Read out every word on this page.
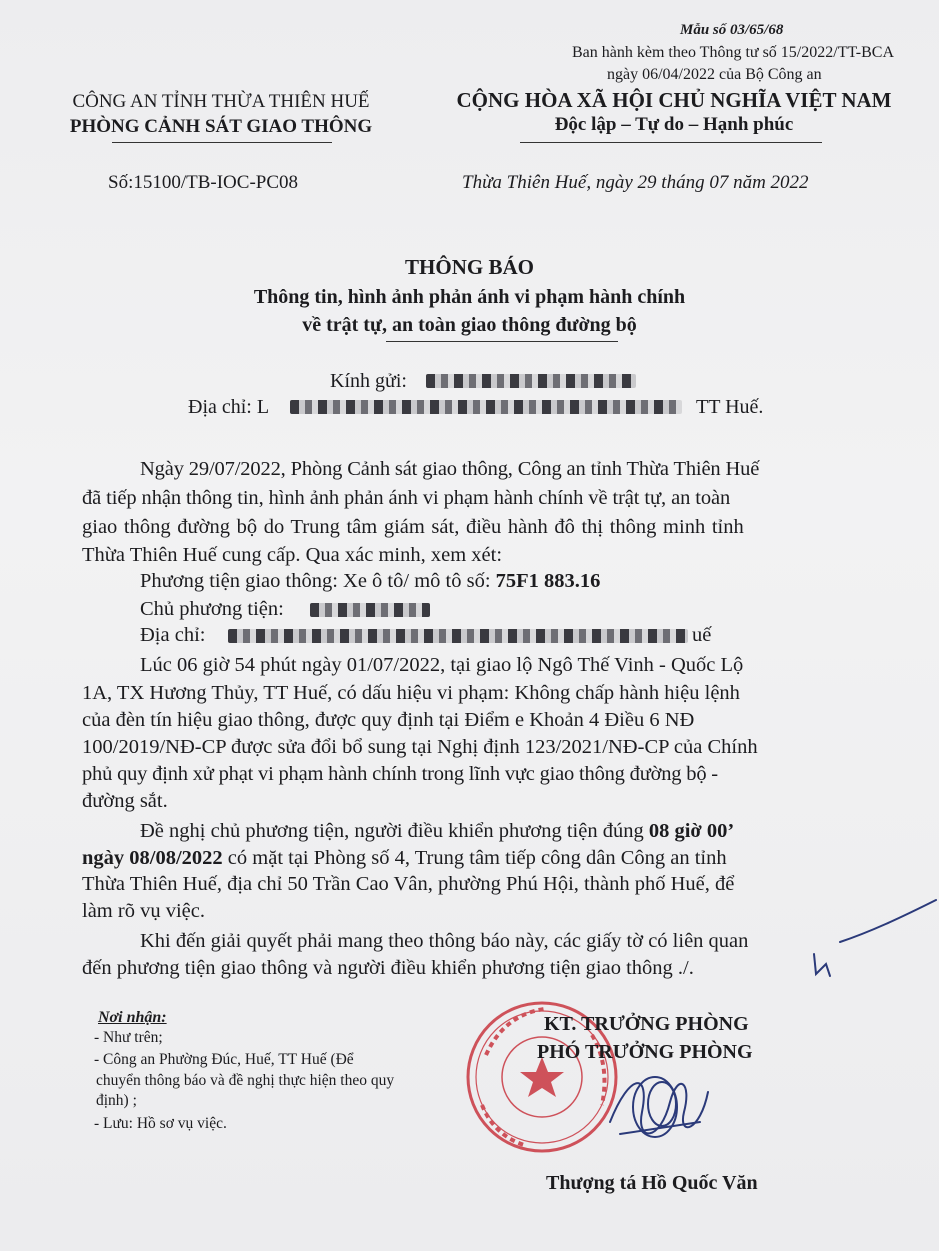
Mẫu số 03/65/68
Ban hành kèm theo Thông tư số 15/2022/TT-BCA
ngày 06/04/2022 của Bộ Công an
CÔNG AN TỈNH THỪA THIÊN HUẾ
PHÒNG CẢNH SÁT GIAO THÔNG
CỘNG HÒA XÃ HỘI CHỦ NGHĨA VIỆT NAM
Độc lập – Tự do – Hạnh phúc
Số:15100/TB-IOC-PC08	Thừa Thiên Huế, ngày 29 tháng 07 năm 2022
THÔNG BÁO
Thông tin, hình ảnh phản ánh vi phạm hành chính
về trật tự, an toàn giao thông đường bộ
Kính gửi:
Địa chỉ: L	TT Huế.
Ngày 29/07/2022, Phòng Cảnh sát giao thông, Công an tỉnh Thừa Thiên Huế
đã tiếp nhận thông tin, hình ảnh phản ánh vi phạm hành chính về trật tự, an toàn
giao thông đường bộ do Trung tâm giám sát, điều hành đô thị thông minh tỉnh
Thừa Thiên Huế cung cấp. Qua xác minh, xem xét:
Phương tiện giao thông: Xe ô tô/ mô tô số: 75F1 883.16
Chủ phương tiện:
Địa chỉ:	uế
Lúc 06 giờ 54 phút ngày 01/07/2022, tại giao lộ Ngô Thế Vinh - Quốc Lộ
1A, TX Hương Thủy, TT Huế, có dấu hiệu vi phạm: Không chấp hành hiệu lệnh
của đèn tín hiệu giao thông, được quy định tại Điểm e Khoản 4 Điều 6 NĐ
100/2019/NĐ-CP được sửa đổi bổ sung tại Nghị định 123/2021/NĐ-CP của Chính
phủ quy định xử phạt vi phạm hành chính trong lĩnh vực giao thông đường bộ -
đường sắt.
Đề nghị chủ phương tiện, người điều khiển phương tiện đúng 08 giờ 00’
ngày 08/08/2022 có mặt tại Phòng số 4, Trung tâm tiếp công dân Công an tỉnh
Thừa Thiên Huế, địa chỉ 50 Trần Cao Vân, phường Phú Hội, thành phố Huế, để
làm rõ vụ việc.
Khi đến giải quyết phải mang theo thông báo này, các giấy tờ có liên quan
đến phương tiện giao thông và người điều khiển phương tiện giao thông ./.
Nơi nhận:
- Như trên;
- Công an Phường Đúc, Huế, TT Huế (Để
chuyển thông báo và đề nghị thực hiện theo quy
định) ;
- Lưu: Hồ sơ vụ việc.
KT. TRƯỞNG PHÒNG
PHÓ TRƯỞNG PHÒNG
Thượng tá Hồ Quốc Văn
